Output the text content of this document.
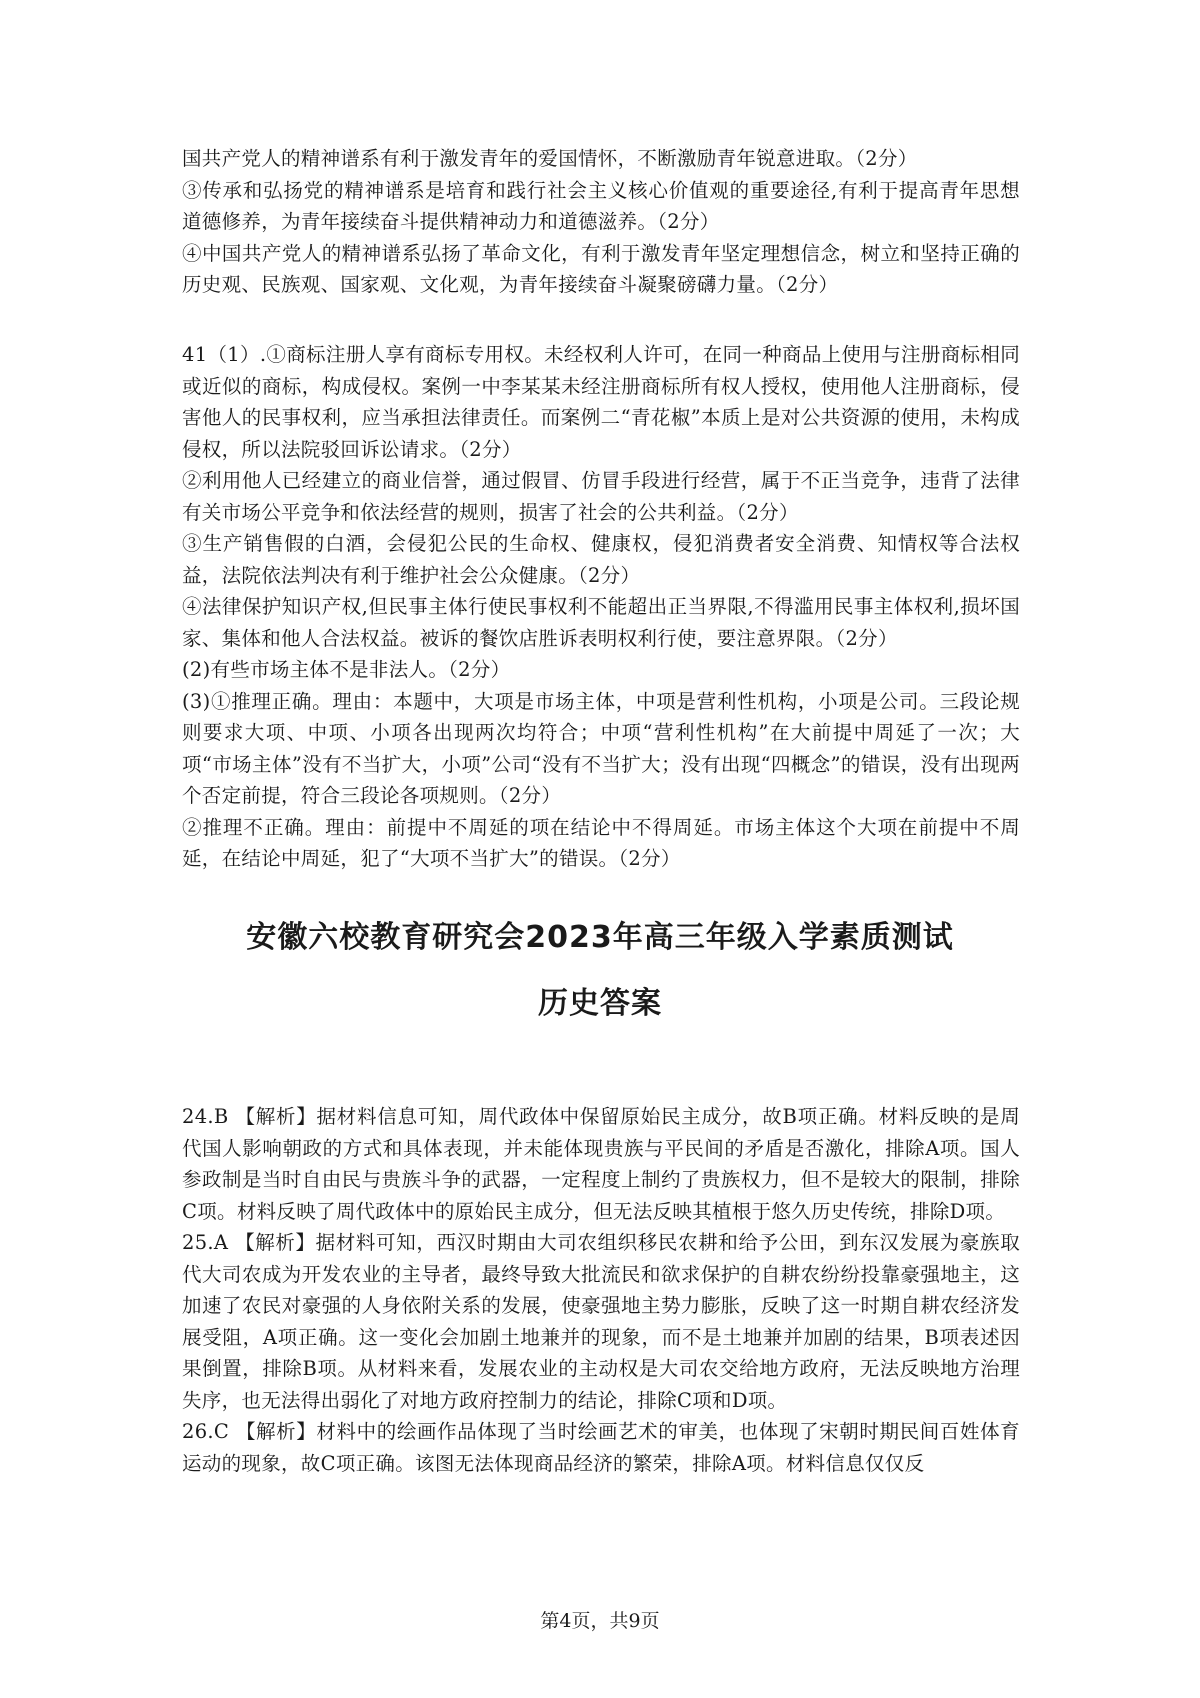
国共产党人的精神谱系有利于激发青年的爱国情怀，不断激励青年锐意进取。（2分）

③传承和弘扬党的精神谱系是培育和践行社会主义核心价值观的重要途径,有利于提高青年思想道德修养，为青年接续奋斗提供精神动力和道德滋养。（2分）

④中国共产党人的精神谱系弘扬了革命文化，有利于激发青年坚定理想信念，树立和坚持正确的历史观、民族观、国家观、文化观，为青年接续奋斗凝聚磅礴力量。（2分）

41（1）.①商标注册人享有商标专用权。未经权利人许可，在同一种商品上使用与注册商标相同或近似的商标，构成侵权。案例一中李某某未经注册商标所有权人授权，使用他人注册商标，侵害他人的民事权利，应当承担法律责任。而案例二“青花椒”本质上是对公共资源的使用，未构成侵权，所以法院驳回诉讼请求。（2分）

②利用他人已经建立的商业信誉，通过假冒、仿冒手段进行经营，属于不正当竞争，违背了法律有关市场公平竞争和依法经营的规则，损害了社会的公共利益。（2分）

③生产销售假的白酒，会侵犯公民的生命权、健康权，侵犯消费者安全消费、知情权等合法权益，法院依法判决有利于维护社会公众健康。（2分）

④法律保护知识产权,但民事主体行使民事权利不能超出正当界限,不得滥用民事主体权利,损坏国家、集体和他人合法权益。被诉的餐饮店胜诉表明权利行使，要注意界限。（2分）

(2)有些市场主体不是非法人。（2分）

(3)①推理正确。理由：本题中，大项是市场主体，中项是营利性机构，小项是公司。三段论规则要求大项、中项、小项各出现两次均符合；中项“营利性机构”在大前提中周延了一次；大项“市场主体”没有不当扩大，小项”公司“没有不当扩大；没有出现“四概念”的错误，没有出现两个否定前提，符合三段论各项规则。（2分）

②推理不正确。理由：前提中不周延的项在结论中不得周延。市场主体这个大项在前提中不周延，在结论中周延，犯了“大项不当扩大”的错误。（2分）

安徽六校教育研究会2023年高三年级入学素质测试

历史答案

24.B 【解析】据材料信息可知，周代政体中保留原始民主成分，故B项正确。材料反映的是周代国人影响朝政的方式和具体表现，并未能体现贵族与平民间的矛盾是否激化，排除A项。国人参政制是当时自由民与贵族斗争的武器，一定程度上制约了贵族权力，但不是较大的限制，排除C项。材料反映了周代政体中的原始民主成分，但无法反映其植根于悠久历史传统，排除D项。

25.A 【解析】据材料可知，西汉时期由大司农组织移民农耕和给予公田，到东汉发展为豪族取代大司农成为开发农业的主导者，最终导致大批流民和欲求保护的自耕农纷纷投靠豪强地主，这加速了农民对豪强的人身依附关系的发展，使豪强地主势力膨胀，反映了这一时期自耕农经济发展受阻，A项正确。这一变化会加剧土地兼并的现象，而不是土地兼并加剧的结果，B项表述因果倒置，排除B项。从材料来看，发展农业的主动权是大司农交给地方政府，无法反映地方治理失序，也无法得出弱化了对地方政府控制力的结论，排除C项和D项。

26.C 【解析】材料中的绘画作品体现了当时绘画艺术的审美，也体现了宋朝时期民间百姓体育运动的现象，故C项正确。该图无法体现商品经济的繁荣，排除A项。材料信息仅仅反

第4页，共9页
